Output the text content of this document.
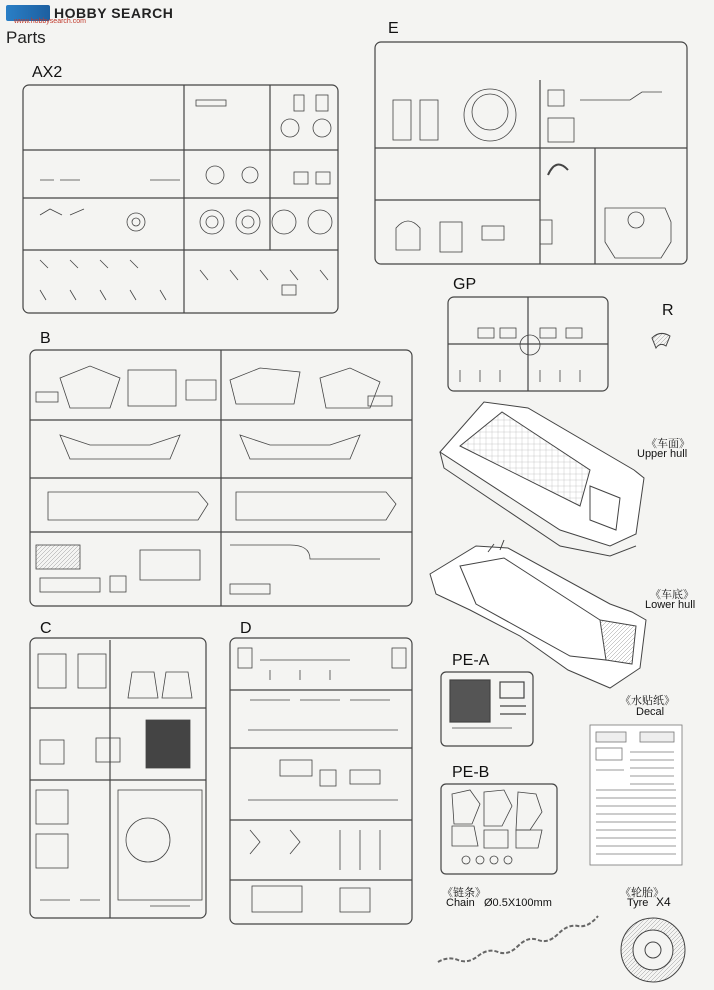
HOBBY SEARCH
www.hobbysearch.com
Parts
AX2
E
GP
R
B
C	D
PE-A
PE-B
《车面》
Upper hull
《车底》
Lower hull
《水贴纸》
Decal
《链条》
Chain Ø0.5X100mm
《轮胎》
Tyre X4
